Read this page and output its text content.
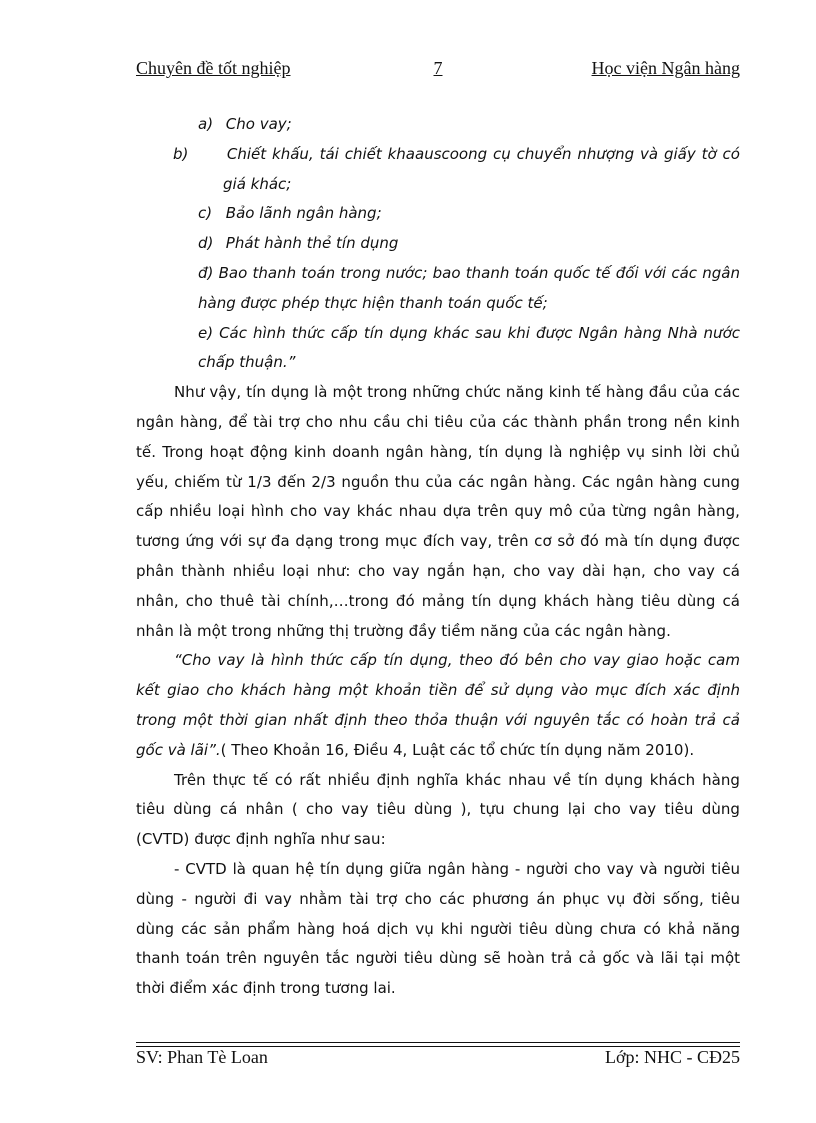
Chuyên đề tốt nghiệp	7	Học viện Ngân hàng
a) Cho vay;
b)	Chiết khấu, tái chiết khaauscoong cụ chuyển nhượng và giấy tờ có giá khác;
c) Bảo lãnh ngân hàng;
d) Phát hành thẻ tín dụng
đ) Bao thanh toán trong nước; bao thanh toán quốc tế đối với các ngân hàng được phép thực hiện thanh toán quốc tế;
e) Các hình thức cấp tín dụng khác sau khi được Ngân hàng Nhà nước chấp thuận.”

Như vậy, tín dụng là một trong những chức năng kinh tế hàng đầu của các ngân hàng, để tài trợ cho nhu cầu chi tiêu của các thành phần trong nền kinh tế. Trong hoạt động kinh doanh ngân hàng, tín dụng là nghiệp vụ sinh lời chủ yếu, chiếm từ 1/3 đến 2/3 nguồn thu của các ngân hàng. Các ngân hàng cung cấp nhiều loại hình cho vay khác nhau dựa trên quy mô của từng ngân hàng, tương ứng với sự đa dạng trong mục đích vay, trên cơ sở đó mà tín dụng được phân thành nhiều loại như: cho vay ngắn hạn, cho vay dài hạn, cho vay cá nhân, cho thuê tài chính,…trong đó mảng tín dụng khách hàng tiêu dùng cá nhân là một trong những thị trường đầy tiềm năng của các ngân hàng.

“Cho vay là hình thức cấp tín dụng, theo đó bên cho vay giao hoặc cam kết giao cho khách hàng một khoản tiền để sử dụng vào mục đích xác định trong một thời gian nhất định theo thỏa thuận với nguyên tắc có hoàn trả cả gốc và lãi”.( Theo Khoản 16, Điều 4, Luật các tổ chức tín dụng năm 2010).

Trên thực tế có rất nhiều định nghĩa khác nhau về tín dụng khách hàng tiêu dùng cá nhân ( cho vay tiêu dùng ), tựu chung lại cho vay tiêu dùng (CVTD) được định nghĩa như sau:

- CVTD là quan hệ tín dụng giữa ngân hàng - người cho vay và người tiêu dùng - người đi vay nhằm tài trợ cho các phương án phục vụ đời sống, tiêu dùng các sản phẩm hàng hoá dịch vụ khi người tiêu dùng chưa có khả năng thanh toán trên nguyên tắc người tiêu dùng sẽ hoàn trả cả gốc và lãi tại một thời điểm xác định trong tương lai.

SV: Phan Tè Loan	Lớp: NHC - CĐ25
